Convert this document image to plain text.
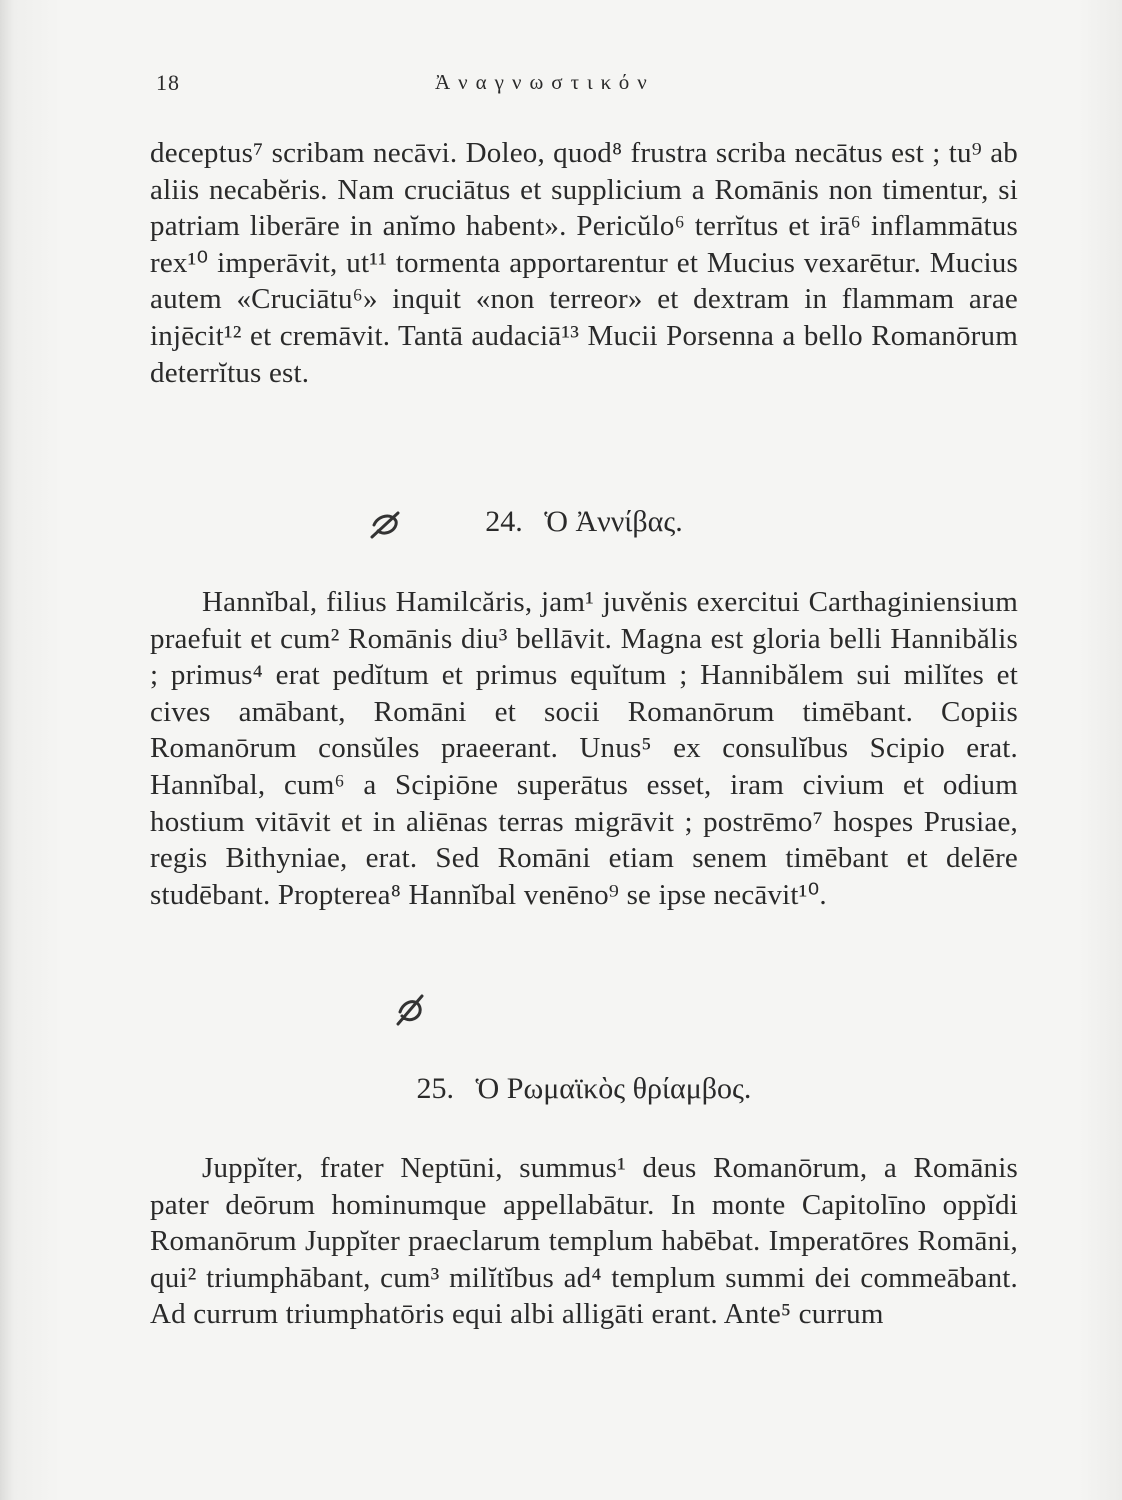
18	Ἀναγνωστικόν

deceptus⁷ scribam necāvi. Doleo, quod⁸ frustra scriba necātus est ; tu⁹ ab aliis necabĕris. Nam cruciātus et supplicium a Romānis non timentur, si patriam liberāre in anĭmo habent». Pericŭlo⁶ terrĭtus et irā⁶ inflammātus rex¹⁰ imperāvit, ut¹¹ tormenta apportarentur et Mucius vexarētur. Mucius autem «Cruciātu⁶» inquit «non terreor» et dextram in flammam arae injēcit¹² et cremāvit. Tantā audaciā¹³ Mucii Porsenna a bello Romanōrum deterrĭtus est.

24. Ὁ Ἀννίβας.

Hannĭbal, filius Hamilcăris, jam¹ juvĕnis exercitui Carthaginiensium praefuit et cum² Romānis diu³ bellāvit. Magna est gloria belli Hannibălis ; primus⁴ erat pedĭtum et primus equĭtum ; Hannibălem sui milĭtes et cives amābant, Romāni et socii Romanōrum timēbant. Copiis Romanōrum consŭles praeerant. Unus⁵ ex consulĭbus Scipio erat. Hannĭbal, cum⁶ a Scipiōne superātus esset, iram civium et odium hostium vitāvit et in aliēnas terras migrāvit ; postrēmo⁷ hospes Prusiae, regis Bithyniae, erat. Sed Romāni etiam senem timēbant et delēre studēbant. Propterea⁸ Hannĭbal venēno⁹ se ipse necāvit¹⁰.

25. Ὁ Ρωμαϊκὸς θρίαμβος.

Juppĭter, frater Neptūni, summus¹ deus Romanōrum, a Romānis pater deōrum hominumque appellabātur. In monte Capitolīno oppĭdi Romanōrum Juppĭter praeclarum templum habēbat. Imperatōres Romāni, qui² triumphābant, cum³ milĭtĭbus ad⁴ templum summi dei commeābant. Ad currum triumphatōris equi albi alligāti erant. Ante⁵ currum
